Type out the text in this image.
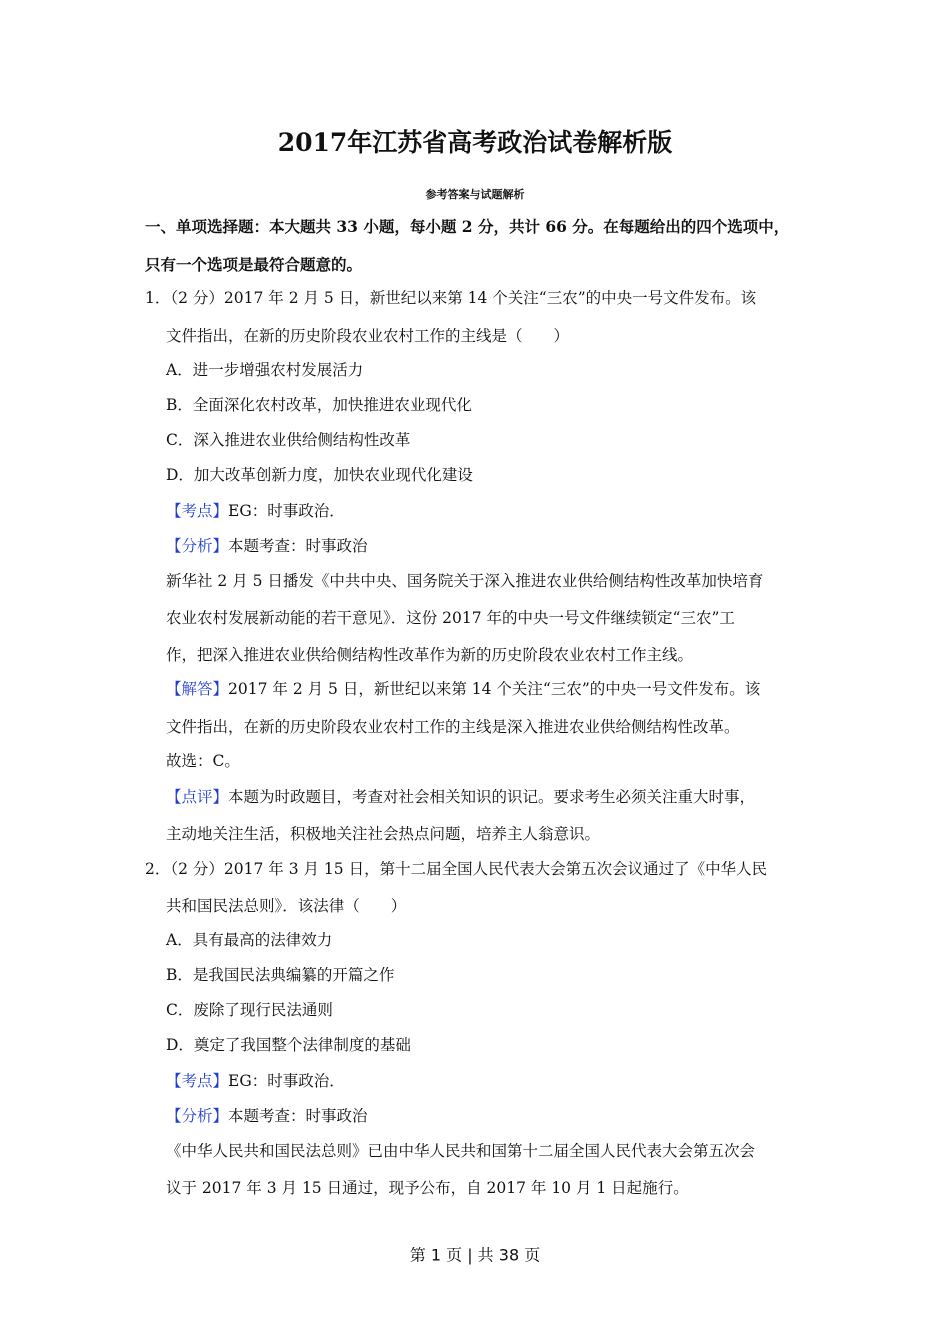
2017年江苏省高考政治试卷解析版
参考答案与试题解析
一、单项选择题：本大题共 33 小题，每小题 2 分，共计 66 分。在每题给出的四个选项中，
只有一个选项是最符合题意的。
1．（2 分）2017 年 2 月 5 日，新世纪以来第 14 个关注“三农”的中央一号文件发布。该
文件指出，在新的历史阶段农业农村工作的主线是（　　）
A．进一步增强农村发展活力
B．全面深化农村改革，加快推进农业现代化
C．深入推进农业供给侧结构性改革
D．加大改革创新力度，加快农业现代化建设
【考点】EG：时事政治．
【分析】本题考查：时事政治
新华社 2 月 5 日播发《中共中央、国务院关于深入推进农业供给侧结构性改革加快培育
农业农村发展新动能的若干意见》．这份 2017 年的中央一号文件继续锁定“三农”工
作，把深入推进农业供给侧结构性改革作为新的历史阶段农业农村工作主线。
【解答】2017 年 2 月 5 日，新世纪以来第 14 个关注“三农”的中央一号文件发布。该
文件指出，在新的历史阶段农业农村工作的主线是深入推进农业供给侧结构性改革。
故选：C。
【点评】本题为时政题目，考查对社会相关知识的识记。要求考生必须关注重大时事，
主动地关注生活，积极地关注社会热点问题，培养主人翁意识。
2．（2 分）2017 年 3 月 15 日，第十二届全国人民代表大会第五次会议通过了《中华人民
共和国民法总则》．该法律（　　）
A．具有最高的法律效力
B．是我国民法典编纂的开篇之作
C．废除了现行民法通则
D．奠定了我国整个法律制度的基础
【考点】EG：时事政治．
【分析】本题考查：时事政治
《中华人民共和国民法总则》已由中华人民共和国第十二届全国人民代表大会第五次会
议于 2017 年 3 月 15 日通过，现予公布，自 2017 年 10 月 1 日起施行。
第 1 页 | 共 38 页
